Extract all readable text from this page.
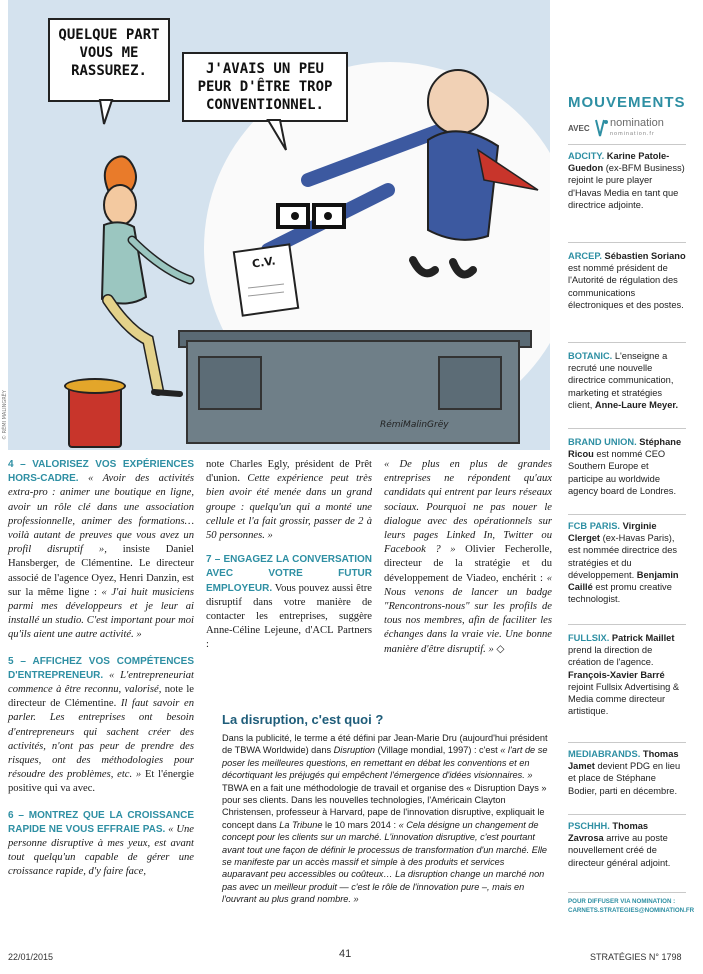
QUELQUE PART
VOUS ME
RASSUREZ.	J'AVAIS UN PEU
PEUR D'ÊTRE TROP
CONVENTIONNEL.
C.V.
RémiMalinGrëy
© RÉMI MALINGRËY

4 – VALORISEZ VOS EXPÉRIENCES HORS-CADRE. « Avoir des activités extra-pro : animer une boutique en ligne, avoir un rôle clé dans une association professionnelle, animer des formations… voilà autant de preuves que vous avez un profil disruptif », insiste Daniel Hansberger, de Clémentine. Le directeur associé de l'agence Oyez, Henri Danzin, est sur la même ligne : « J'ai huit musiciens parmi mes développeurs et je leur ai installé un studio. C'est important pour moi qu'ils aient une autre activité. »

5 – AFFICHEZ VOS COMPÉTENCES D'ENTREPRENEUR. « L'entrepreneuriat commence à être reconnu, valorisé, note le directeur de Clémentine. Il faut savoir en parler. Les entreprises ont besoin d'entrepreneurs qui sachent créer des activités, n'ont pas peur de prendre des risques, ont des méthodologies pour résoudre des problèmes, etc. » Et l'énergie positive qui va avec.

6 – MONTREZ QUE LA CROISSANCE RAPIDE NE VOUS EFFRAIE PAS. « Une personne disruptive à mes yeux, est avant tout quelqu'un capable de gérer une croissance rapide, d'y faire face,

note Charles Egly, président de Prêt d'union. Cette expérience peut très bien avoir été menée dans un grand groupe : quelqu'un qui a monté une cellule et l'a fait grossir, passer de 2 à 50 personnes. »

7 – ENGAGEZ LA CONVERSATION AVEC VOTRE FUTUR EMPLOYEUR. Vous pouvez aussi être disruptif dans votre manière de contacter les entreprises, suggère Anne-Céline Lejeune, d'ACL Partners :

« De plus en plus de grandes entreprises ne répondent qu'aux candidats qui entrent par leurs réseaux sociaux. Pourquoi ne pas nouer le dialogue avec des opérationnels sur leurs pages Linked In, Twitter ou Facebook ? » Olivier Fecherolle, directeur de la stratégie et du développement de Viadeo, enchérit : « Nous venons de lancer un badge "Rencontrons-nous" sur les profils de tous nos membres, afin de faciliter les échanges dans la vraie vie. Une bonne manière d'être disruptif. » ◇

La disruption, c'est quoi ?
Dans la publicité, le terme a été défini par Jean-Marie Dru (aujourd'hui président de TBWA Worldwide) dans Disruption (Village mondial, 1997) : c'est « l'art de se poser les meilleures questions, en remettant en débat les conventions et en décortiquant les préjugés qui empêchent l'émergence d'idées visionnaires. » TBWA en a fait une méthodologie de travail et organise des « Disruption Days » pour ses clients. Dans les nouvelles technologies, l'Américain Clayton Christensen, professeur à Harvard, pape de l'innovation disruptive, expliquait le concept dans La Tribune le 10 mars 2014 : « Cela désigne un changement de concept pour les clients sur un marché. L'innovation disruptive, c'est pourtant avant tout une façon de définir le processus de transformation d'un marché. Elle se manifeste par un accès massif et simple à des produits et services auparavant peu accessibles ou coûteux… La disruption change un marché non pas avec un meilleur produit — c'est le rôle de l'innovation pure –, mais en l'ouvrant au plus grand nombre. »
MOUVEMENTS
AVEC nomination
nomination.fr
ADCITY. Karine Patole-Guedon (ex-BFM Business) rejoint le pure player d'Havas Media en tant que directrice adjointe.
ARCEP. Sébastien Soriano est nommé président de l'Autorité de régulation des communications électroniques et des postes.
BOTANIC. L'enseigne a recruté une nouvelle directrice communication, marketing et stratégies client, Anne-Laure Meyer.
BRAND UNION. Stéphane Ricou est nommé CEO Southern Europe et participe au worldwide agency board de Londres.
FCB PARIS. Virginie Clerget (ex-Havas Paris), est nommée directrice des stratégies et du développement. Benjamin Caillé est promu creative technologist.
FULLSIX. Patrick Maillet prend la direction de création de l'agence. François-Xavier Barré rejoint Fullsix Advertising & Media comme directeur artistique.
MEDIABRANDS. Thomas Jamet devient PDG en lieu et place de Stéphane Bodier, parti en décembre.
PSCHHH. Thomas Zavrosa arrive au poste nouvellement créé de directeur général adjoint.
POUR DIFFUSER VIA NOMINATION : CARNETS.STRATEGIES@NOMINATION.FR
22/01/2015	41	STRATÉGIES N° 1798
